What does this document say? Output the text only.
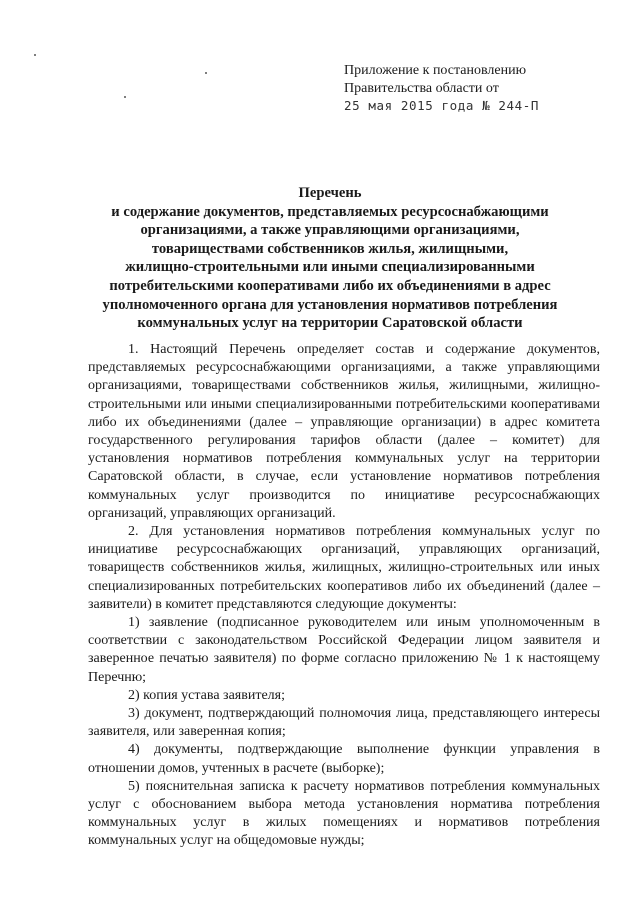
Приложение к постановлению
Правительства области от
25 мая 2015 года № 244-П
Перечень
и содержание документов, представляемых ресурсоснабжающими
организациями, а также управляющими организациями,
товариществами собственников жилья, жилищными,
жилищно-строительными или иными специализированными
потребительскими кооперативами либо их объединениями в адрес
уполномоченного органа для установления нормативов потребления
коммунальных услуг на территории Саратовской области

1. Настоящий Перечень определяет состав и содержание документов, представляемых ресурсоснабжающими организациями, а также управляющими организациями, товариществами собственников жилья, жилищными, жилищно-строительными или иными специализированными потребительскими кооперативами либо их объединениями (далее – управляющие организации) в адрес комитета государственного регулирования тарифов области (далее – комитет) для установления нормативов потребления коммунальных услуг на территории Саратовской области, в случае, если установление нормативов потребления коммунальных услуг производится по инициативе ресурсоснабжающих организаций, управляющих организаций.

2. Для установления нормативов потребления коммунальных услуг по инициативе ресурсоснабжающих организаций, управляющих организаций, товариществ собственников жилья, жилищных, жилищно-строительных или иных специализированных потребительских кооперативов либо их объединений (далее – заявители) в комитет представляются следующие документы:

1) заявление (подписанное руководителем или иным уполномоченным в соответствии с законодательством Российской Федерации лицом заявителя и заверенное печатью заявителя) по форме согласно приложению № 1 к настоящему Перечню;

2) копия устава заявителя;

3) документ, подтверждающий полномочия лица, представляющего интересы заявителя, или заверенная копия;

4) документы, подтверждающие выполнение функции управления в отношении домов, учтенных в расчете (выборке);

5) пояснительная записка к расчету нормативов потребления коммунальных услуг с обоснованием выбора метода установления норматива потребления коммунальных услуг в жилых помещениях и нормативов потребления коммунальных услуг на общедомовые нужды;
